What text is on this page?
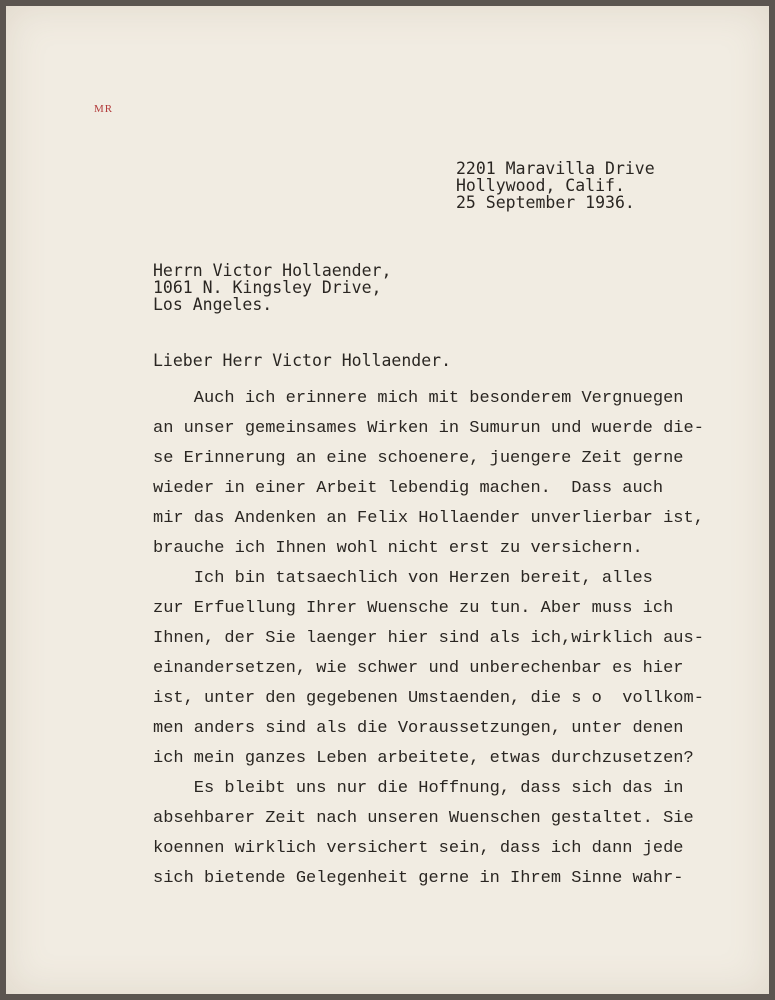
MR
2201 Maravilla Drive
Hollywood, Calif.
25 September 1936.
Herrn Victor Hollaender,
1061 N. Kingsley Drive,
Los Angeles.
Lieber Herr Victor Hollaender.
Auch ich erinnere mich mit besonderem Vergnuegen
an unser gemeinsames Wirken in Sumurun und wuerde die-
se Erinnerung an eine schoenere, juengere Zeit gerne
wieder in einer Arbeit lebendig machen.  Dass auch
mir das Andenken an Felix Hollaender unverlierbar ist,
brauche ich Ihnen wohl nicht erst zu versichern.
Ich bin tatsaechlich von Herzen bereit, alles
zur Erfuellung Ihrer Wuensche zu tun. Aber muss ich
Ihnen, der Sie laenger hier sind als ich,wirklich aus-
einandersetzen, wie schwer und unberechenbar es hier
ist, unter den gegebenen Umstaenden, die s o  vollkom-
men anders sind als die Voraussetzungen, unter denen
ich mein ganzes Leben arbeitete, etwas durchzusetzen?
Es bleibt uns nur die Hoffnung, dass sich das in
absehbarer Zeit nach unseren Wuenschen gestaltet. Sie
koennen wirklich versichert sein, dass ich dann jede
sich bietende Gelegenheit gerne in Ihrem Sinne wahr-
